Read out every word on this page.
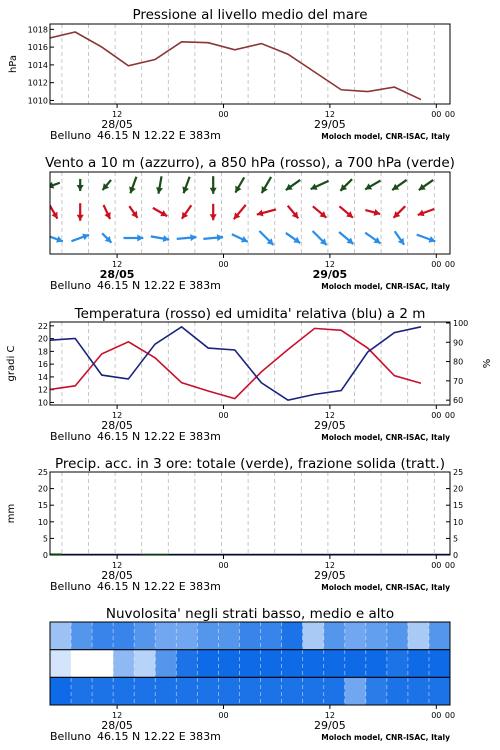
Pressione al livello medio del mare
1010
1012
1014
1016
1018
hPa
12	00	12	00 00
28/05	29/05
Belluno 46.15 N 12.22 E 383m	Moloch model, CNR-ISAC, Italy
Vento a 10 m (azzurro), a 850 hPa (rosso), a 700 hPa (verde)
12	00	12	00 00
28/05	29/05
Belluno 46.15 N 12.22 E 383m	Moloch model, CNR-ISAC, Italy
Temperatura (rosso) ed umidita' relativa (blu) a 2 m
10
12
14
16
18
20
22
60
70
80
90
100
gradi C	%
12	00	12	00 00
28/05	29/05
Belluno 46.15 N 12.22 E 383m	Moloch model, CNR-ISAC, Italy
Precip. acc. in 3 ore: totale (verde), frazione solida (tratt.)
0
5
10
15
20
25
0
5
10
15
20
25
mm
12	00	12	00 00
28/05	29/05
Belluno 46.15 N 12.22 E 383m	Moloch model, CNR-ISAC, Italy
Nuvolosita' negli strati basso, medio e alto
12	00	12	00 00
28/05	29/05
Belluno 46.15 N 12.22 E 383m	Moloch model, CNR-ISAC, Italy
